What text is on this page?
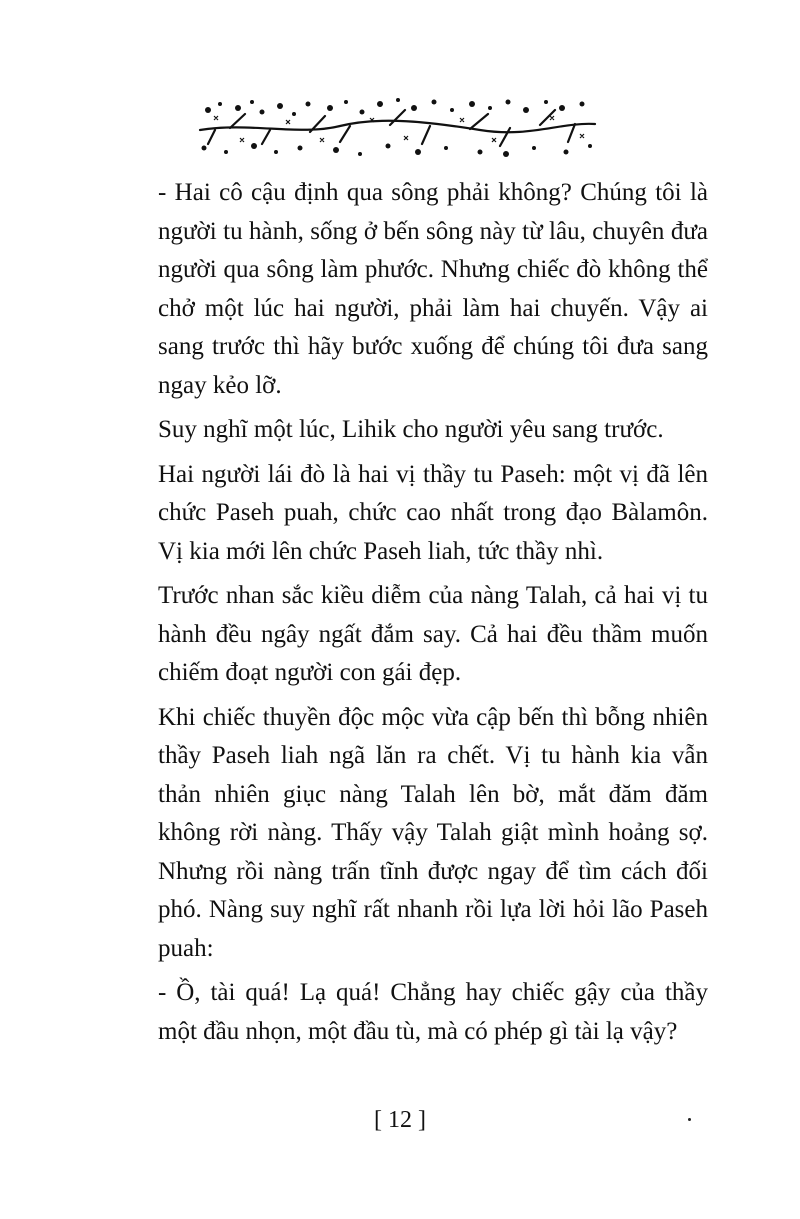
- Hai cô cậu định qua sông phải không? Chúng tôi là người tu hành, sống ở bến sông này từ lâu, chuyên đưa người qua sông làm phước. Nhưng chiếc đò không thể chở một lúc hai người, phải làm hai chuyến. Vậy ai sang trước thì hãy bước xuống để chúng tôi đưa sang ngay kẻo lỡ.

Suy nghĩ một lúc, Lihik cho người yêu sang trước.

Hai người lái đò là hai vị thầy tu Paseh: một vị đã lên chức Paseh puah, chức cao nhất trong đạo Bàlamôn. Vị kia mới lên chức Paseh liah, tức thầy nhì.

Trước nhan sắc kiều diễm của nàng Talah, cả hai vị tu hành đều ngây ngất đắm say. Cả hai đều thầm muốn chiếm đoạt người con gái đẹp.

Khi chiếc thuyền độc mộc vừa cập bến thì bỗng nhiên thầy Paseh liah ngã lăn ra chết. Vị tu hành kia vẫn thản nhiên giục nàng Talah lên bờ, mắt đăm đăm không rời nàng. Thấy vậy Talah giật mình hoảng sợ. Nhưng rồi nàng trấn tĩnh được ngay để tìm cách đối phó. Nàng suy nghĩ rất nhanh rồi lựa lời hỏi lão Paseh puah:

- Ồ, tài quá! Lạ quá! Chẳng hay chiếc gậy của thầy một đầu nhọn, một đầu tù, mà có phép gì tài lạ vậy?

[ 12 ]
